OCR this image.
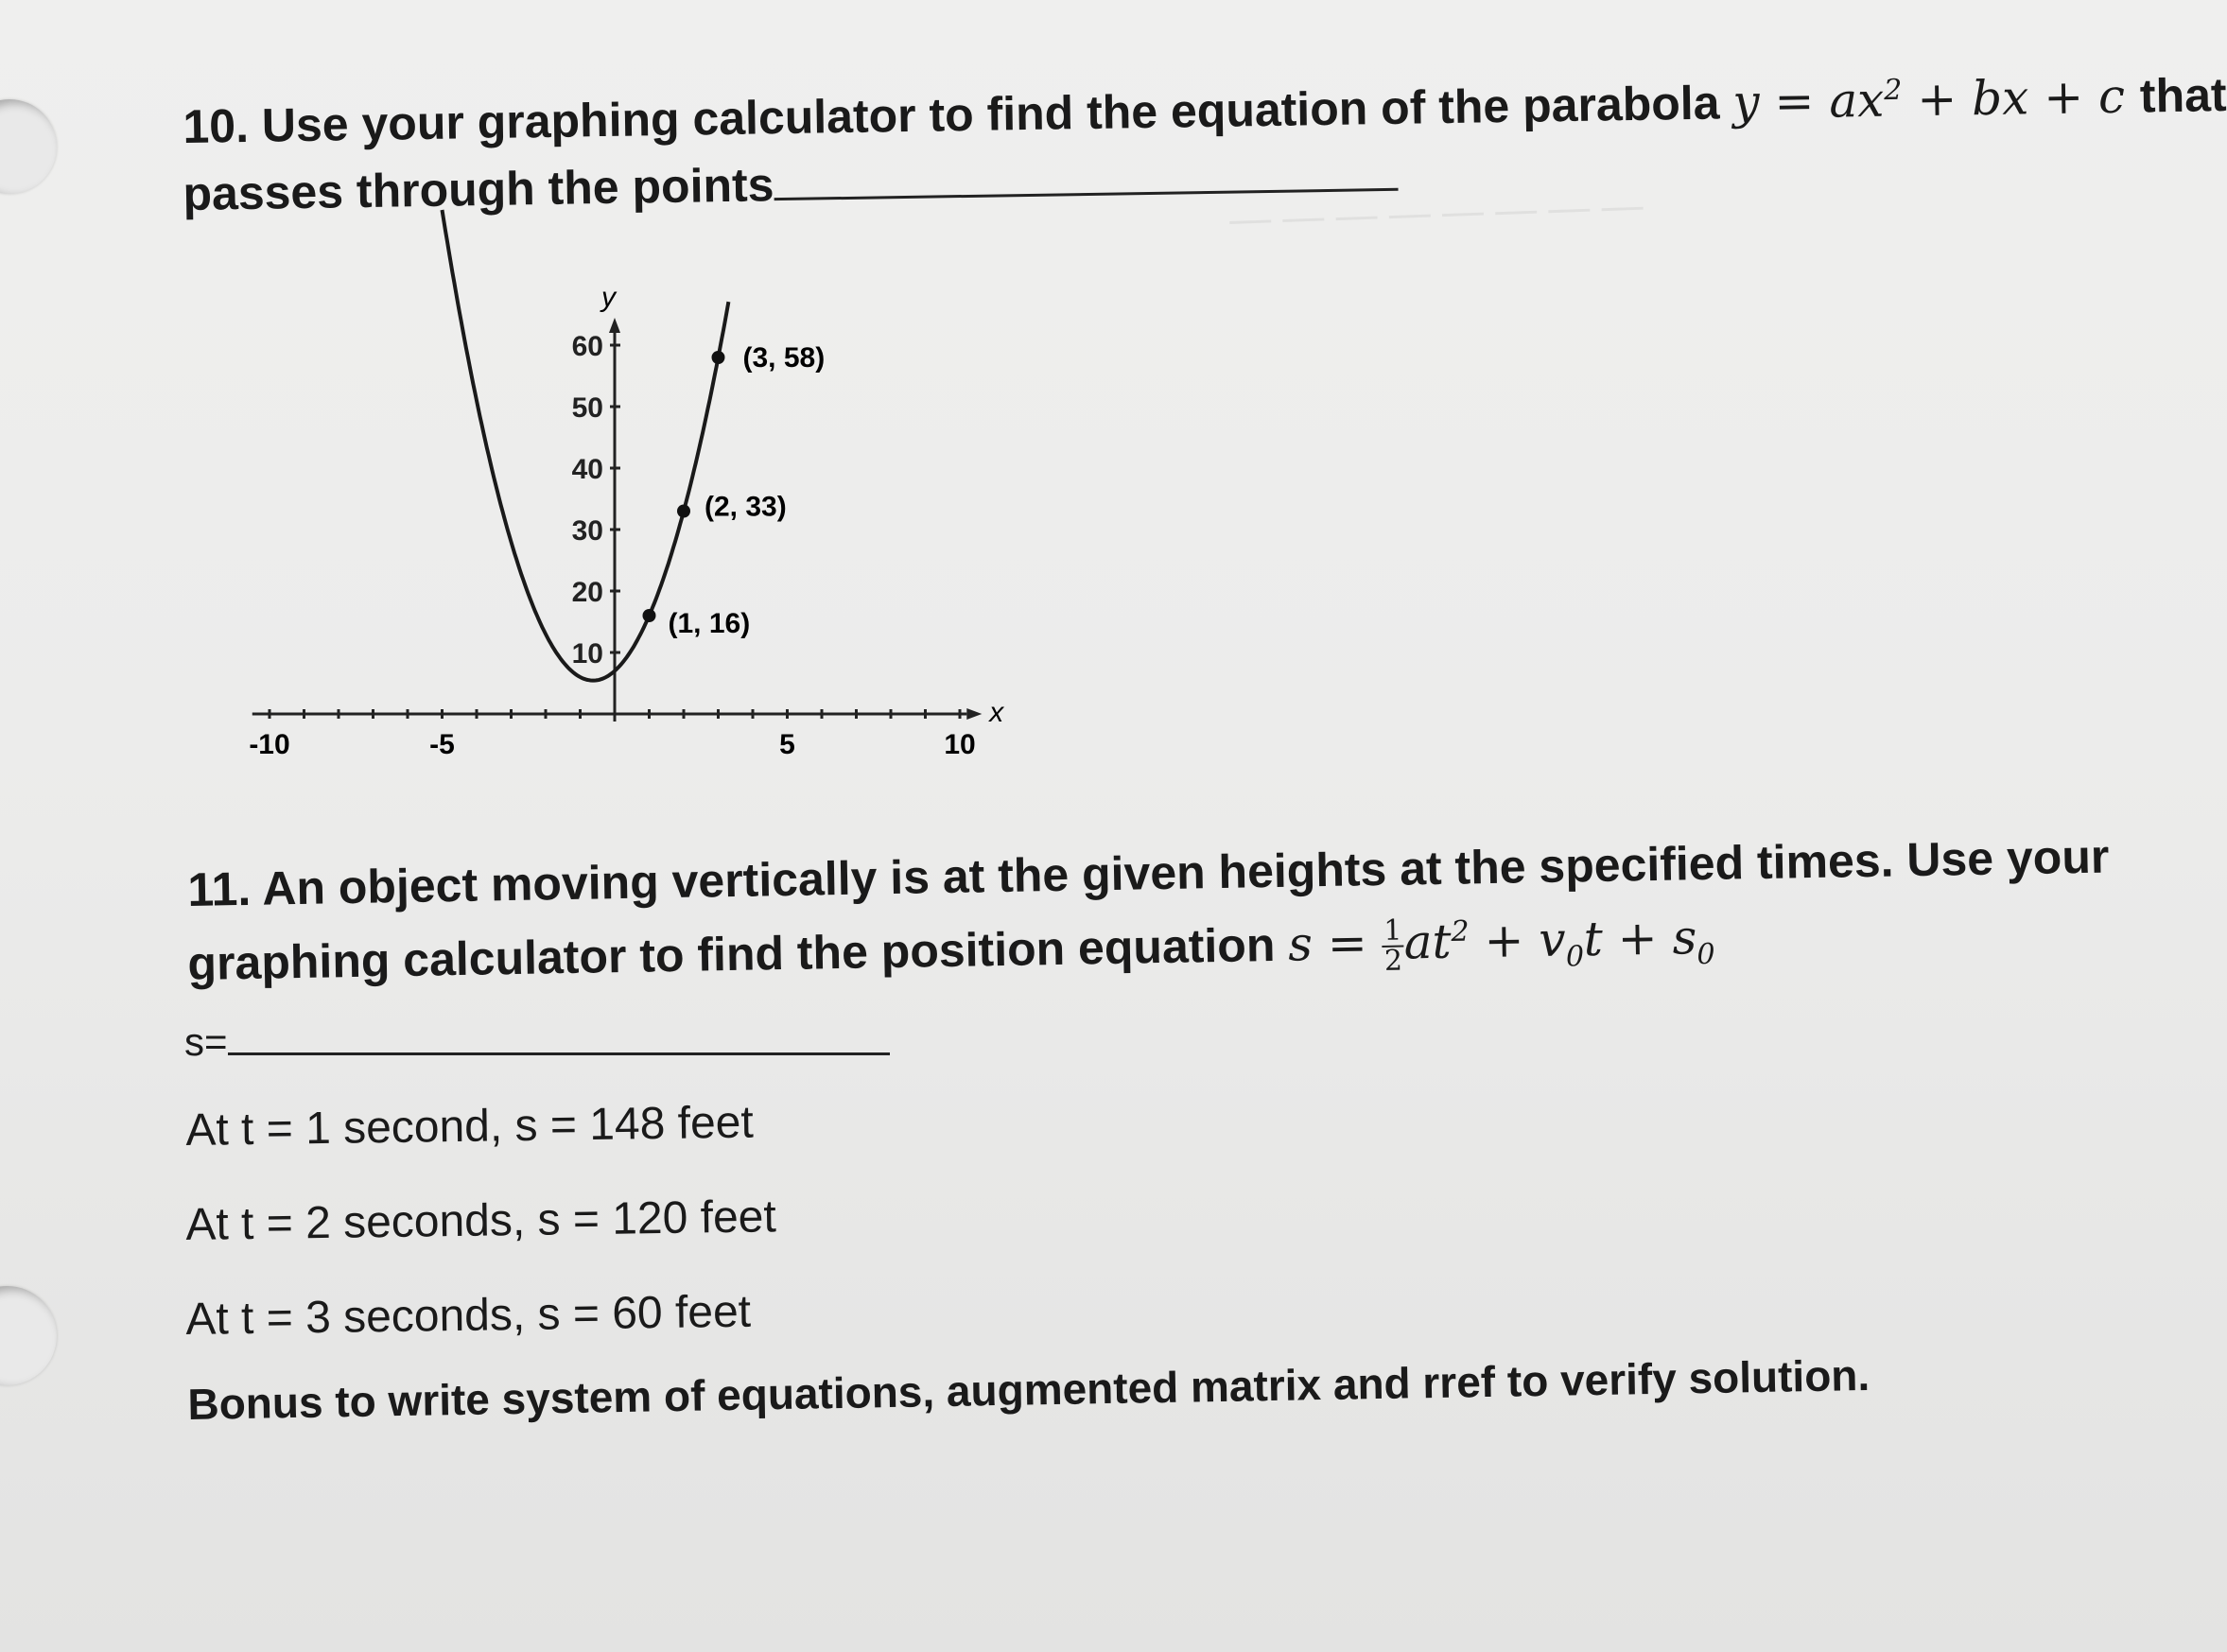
— — — — — — — —
10. Use your graphing calculator to find the equation of the parabola $y = ax^2$ + bx + c that
passes through the points
x
y
-10	-5	5	10
10
20
30
40
50
60
(1, 16)
(2, 33)
(3, 58)
11. An object moving vertically is at the given heights at the specified times. Use your
graphing calculator to find the position equation $s = \frac{1}{2}$
$at^2 + v_0t + s_0$
s=
At t = 1 second, s = 148 feet
At t = 2 seconds, s = 120 feet
At t = 3 seconds, s = 60 feet
Bonus to write system of equations, augmented matrix and rref to verify solution.
